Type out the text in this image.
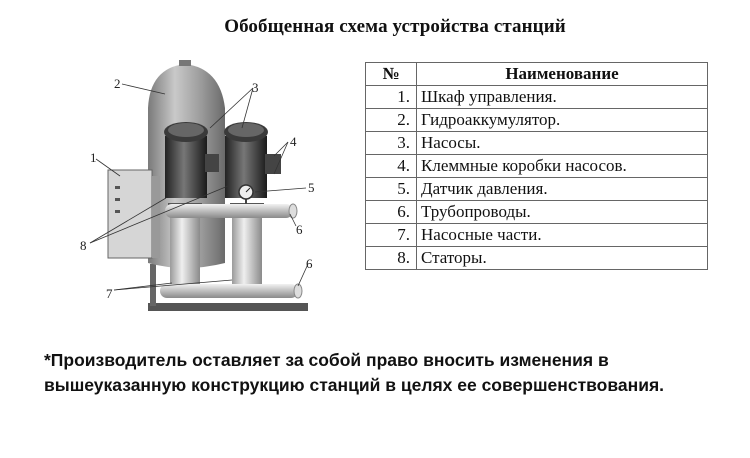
Обобщенная схема устройства станций
1
2	3
4
5
6
6
7
8
№	Наименование
1.	Шкаф управления.
2.	Гидроаккумулятор.
3.	Насосы.
4.	Клеммные коробки насосов.
5.	Датчик давления.
6.	Трубопроводы.
7.	Насосные части.
8.	Статоры.
*Производитель оставляет за собой право вносить изменения в вышеуказанную конструкцию станций в целях ее совершенствования.
